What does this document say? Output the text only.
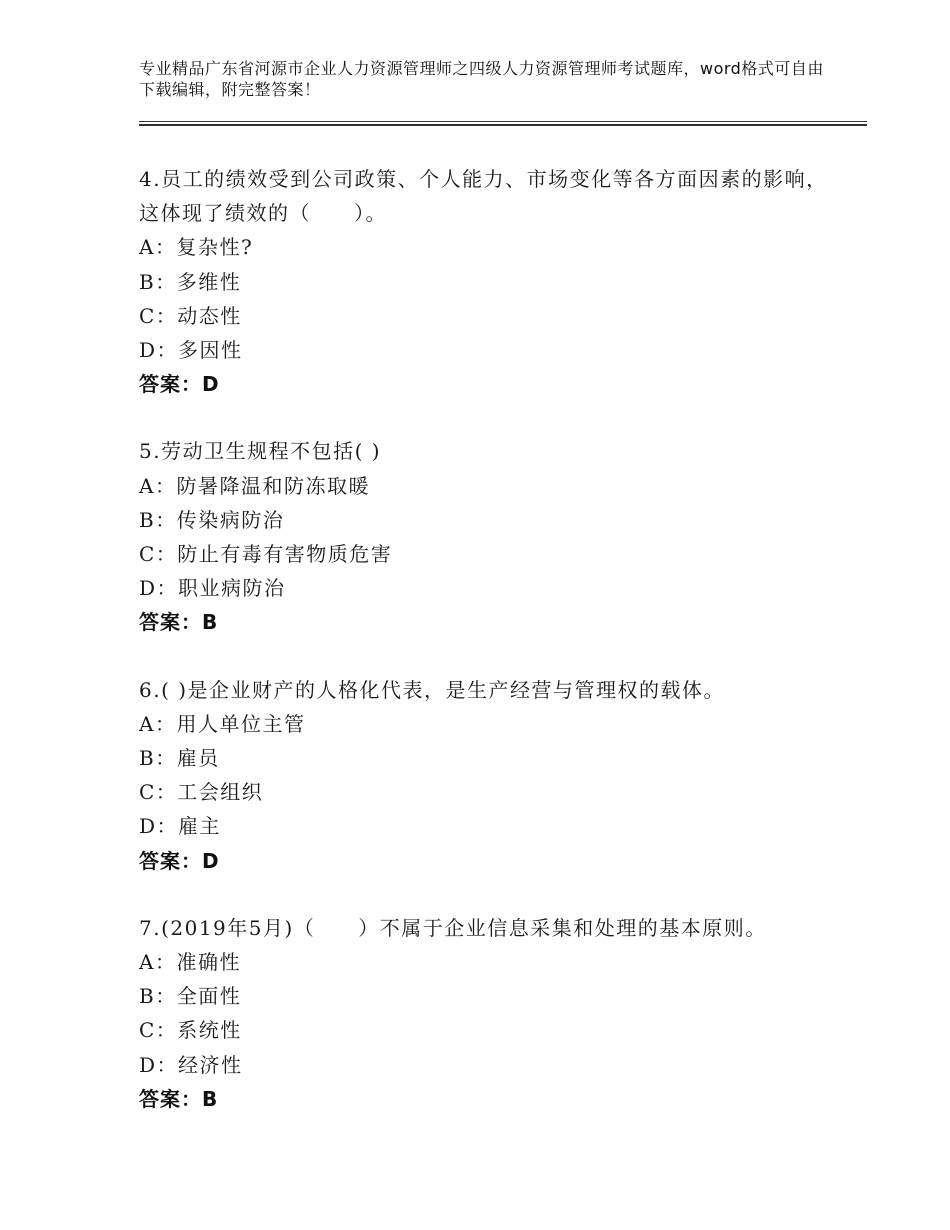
专业精品广东省河源市企业人力资源管理师之四级人力资源管理师考试题库，word格式可自由下载编辑，附完整答案！

4.员工的绩效受到公司政策、个人能力、市场变化等各方面因素的影响，这体现了绩效的（　　）。

A：复杂性?

B：多维性

C：动态性

D：多因性

答案：D

5.劳动卫生规程不包括( )

A：防暑降温和防冻取暖

B：传染病防治

C：防止有毒有害物质危害

D：职业病防治

答案：B

6.( )是企业财产的人格化代表，是生产经营与管理权的载体。

A：用人单位主管

B：雇员

C：工会组织

D：雇主

答案：D

7.(2019年5月)（　　）不属于企业信息采集和处理的基本原则。

A：准确性

B：全面性

C：系统性

D：经济性

答案：B
